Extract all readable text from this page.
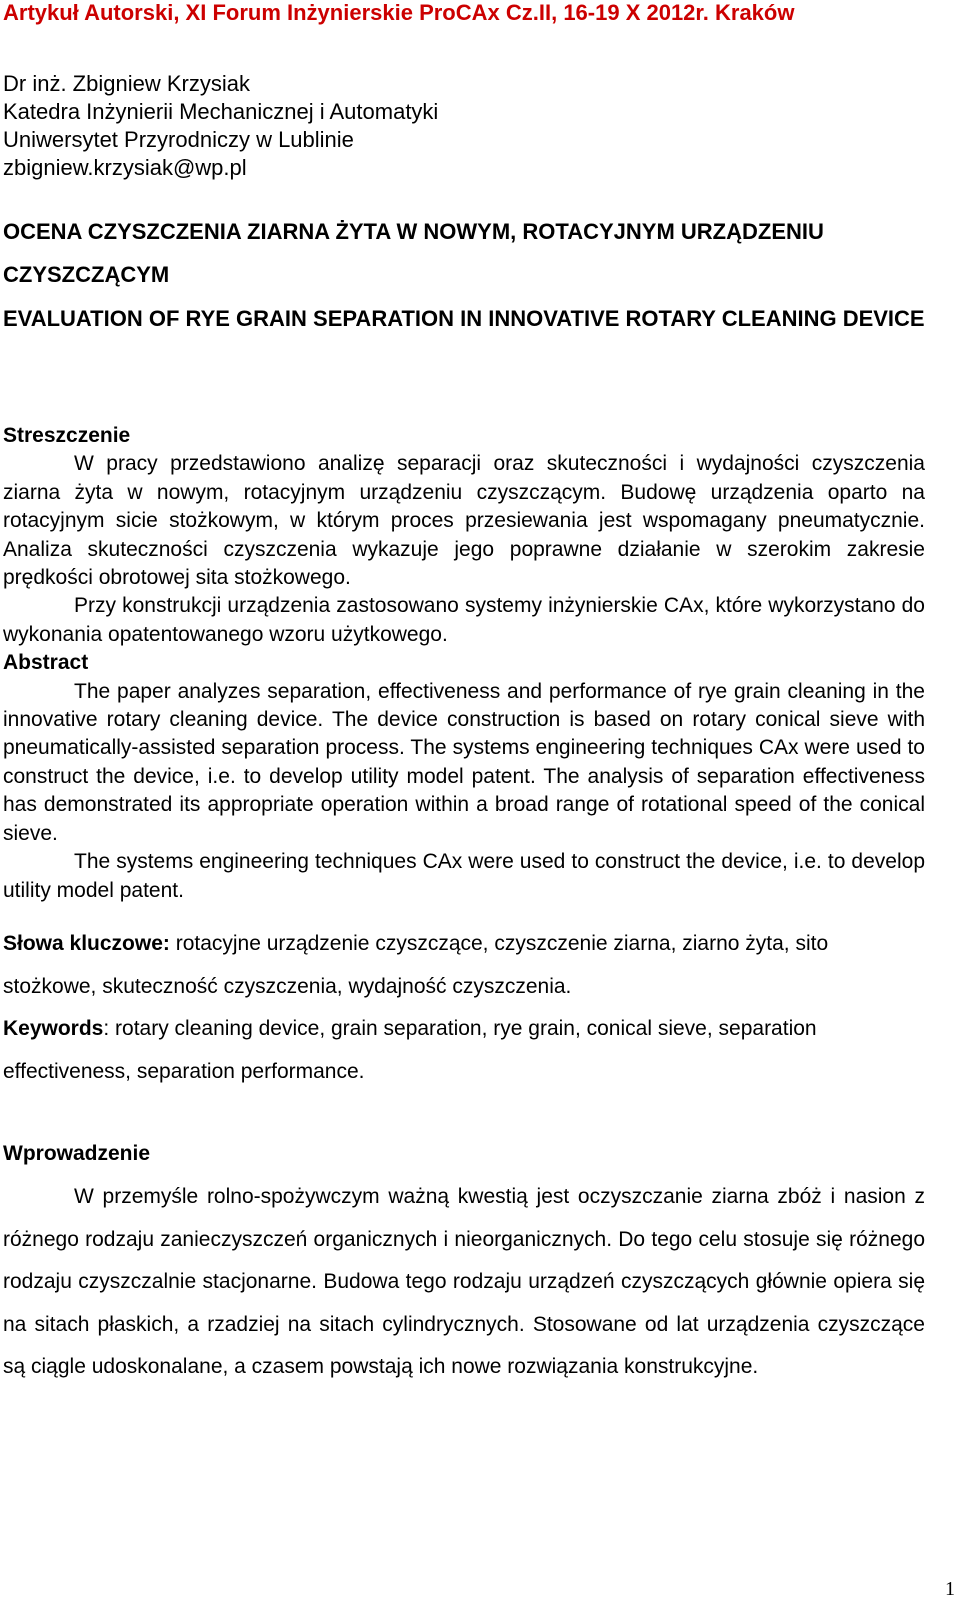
Artykuł Autorski, XI Forum Inżynierskie ProCAx Cz.II, 16-19 X 2012r. Kraków
Dr inż. Zbigniew Krzysiak
Katedra Inżynierii Mechanicznej i Automatyki
Uniwersytet Przyrodniczy w Lublinie
zbigniew.krzysiak@wp.pl
OCENA CZYSZCZENIA ZIARNA ŻYTA W NOWYM, ROTACYJNYM URZĄDZENIU CZYSZCZĄCYM
EVALUATION OF RYE GRAIN SEPARATION IN INNOVATIVE ROTARY CLEANING DEVICE
Streszczenie

W pracy przedstawiono analizę separacji oraz skuteczności i wydajności czyszczenia ziarna żyta w nowym, rotacyjnym urządzeniu czyszczącym. Budowę urządzenia oparto na rotacyjnym sicie stożkowym, w którym proces przesiewania jest wspomagany pneumatycznie. Analiza skuteczności czyszczenia wykazuje jego poprawne działanie w szerokim zakresie prędkości obrotowej sita stożkowego.

Przy konstrukcji urządzenia zastosowano systemy inżynierskie CAx, które wykorzystano do wykonania opatentowanego wzoru użytkowego.

Abstract

The paper analyzes separation, effectiveness and performance of rye grain cleaning in the innovative rotary cleaning device. The device construction is based on rotary conical sieve with pneumatically-assisted separation process. The systems engineering techniques CAx were used to construct the device, i.e. to develop utility model patent. The analysis of separation effectiveness has demonstrated its appropriate operation within a broad range of rotational speed of the conical sieve.

The systems engineering techniques CAx were used to construct the device, i.e. to develop utility model patent.

Słowa kluczowe: rotacyjne urządzenie czyszczące, czyszczenie ziarna, ziarno żyta, sito stożkowe, skuteczność czyszczenia, wydajność czyszczenia.
Keywords: rotary cleaning device, grain separation, rye grain, conical sieve, separation effectiveness, separation performance.
Wprowadzenie

W przemyśle rolno-spożywczym ważną kwestią jest oczyszczanie ziarna zbóż i nasion z różnego rodzaju zanieczyszczeń organicznych i nieorganicznych. Do tego celu stosuje się różnego rodzaju czyszczalnie stacjonarne. Budowa tego rodzaju urządzeń czyszczących głównie opiera się na sitach płaskich, a rzadziej na sitach cylindrycznych. Stosowane od lat urządzenia czyszczące są ciągle udoskonalane, a czasem powstają ich nowe rozwiązania konstrukcyjne.

1
